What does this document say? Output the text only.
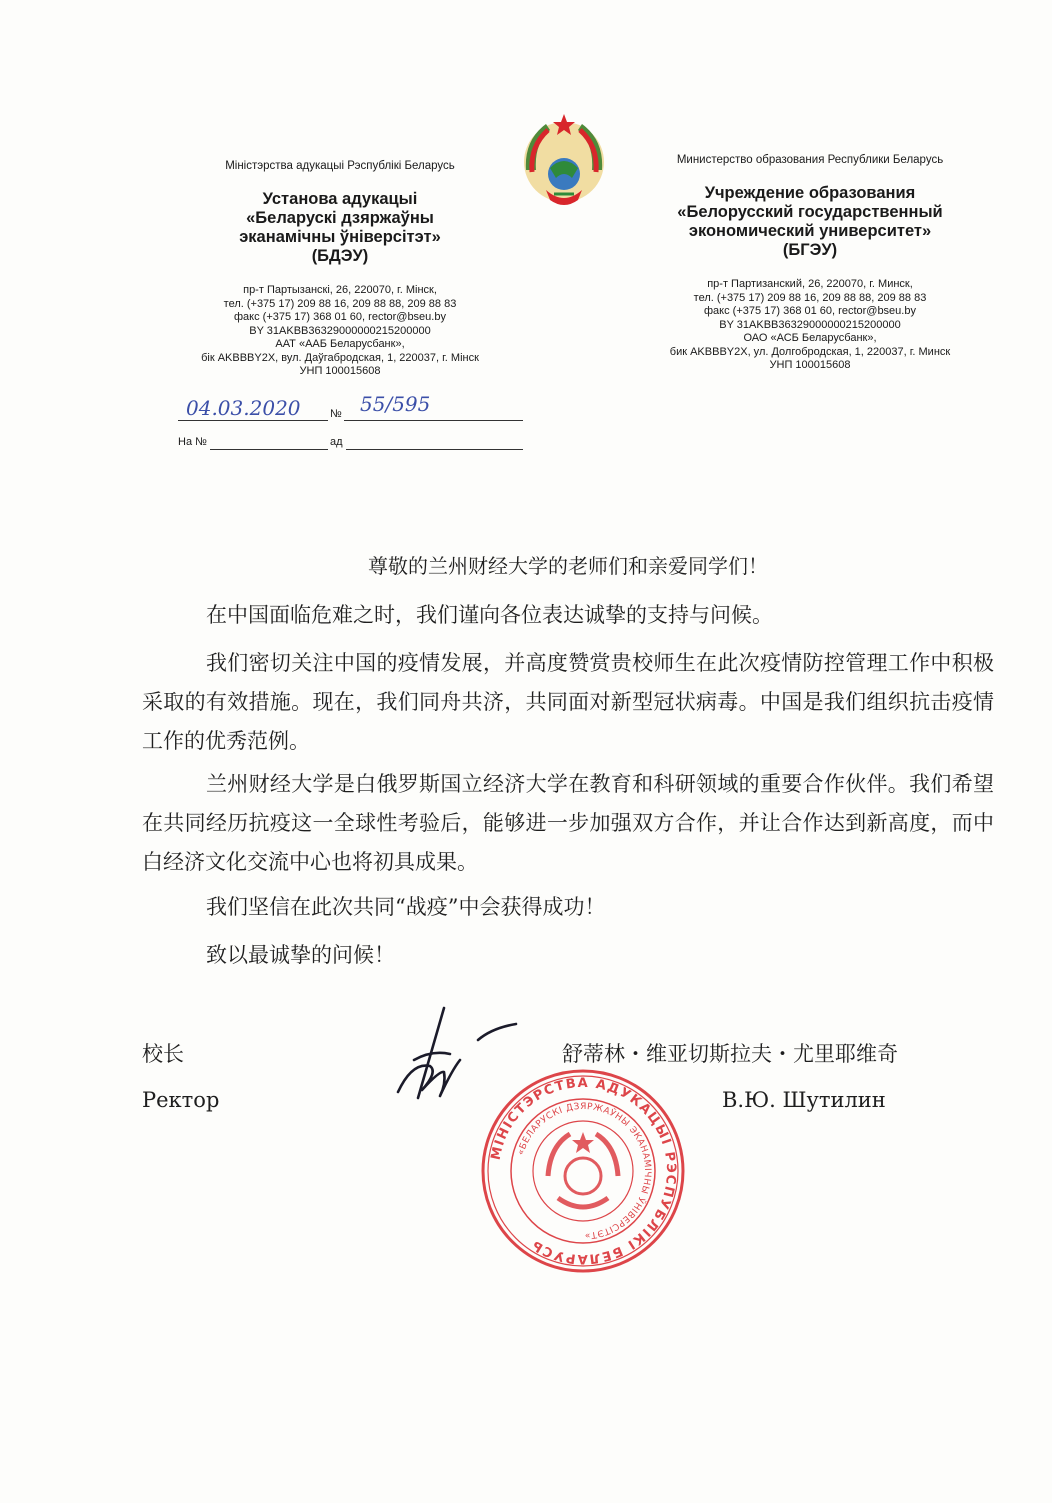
Міністэрства адукацыі Рэспублікі Беларусь
Установа адукацыі
«Беларускі дзяржаўны
эканамічны ўніверсітэт»
(БДЭУ)
пр-т Партызанскі, 26, 220070, г. Мінск,
тел. (+375 17) 209 88 16, 209 88 88, 209 88 83
факс (+375 17) 368 01 60, rector@bseu.by
BY 31AKBB36329000000215200000
ААТ «ААБ Беларусбанк»,
бік AKBBBY2X, вул. Даўгабродская, 1, 220037, г. Мінск
УНП 100015608
Министерство образования Республики Беларусь
Учреждение образования
«Белорусский государственный
экономический университет»
(БГЭУ)
пр-т Партизанский, 26, 220070, г. Минск,
тел. (+375 17) 209 88 16, 209 88 88, 209 88 83
факс (+375 17) 368 01 60, rector@bseu.by
BY 31AKBB36329000000215200000
ОАО «АСБ Беларусбанк»,
бик AKBBBY2X, ул. Долгобродская, 1, 220037, г. Минск
УНП 100015608
04.03.2020	№ 55/595
На №	ад
尊敬的兰州财经大学的老师们和亲爱同学们！
在中国面临危难之时，我们谨向各位表达诚挚的支持与问候。
我们密切关注中国的疫情发展，并高度赞赏贵校师生在此次疫情防控管理工作中积极采取的有效措施。现在，我们同舟共济，共同面对新型冠状病毒。中国是我们组织抗击疫情工作的优秀范例。
兰州财经大学是白俄罗斯国立经济大学在教育和科研领域的重要合作伙伴。我们希望在共同经历抗疫这一全球性考验后，能够进一步加强双方合作，并让合作达到新高度，而中白经济文化交流中心也将初具成果。
我们坚信在此次共同“战疫”中会获得成功！
致以最诚挚的问候！
校长
Ректор
舒蒂林・维亚切斯拉夫・尤里耶维奇
В.Ю. Шутилин
МІНІСТЭРСТВА АДУКАЦЫІ РЭСПУБЛІКІ БЕЛАРУСЬ
«БЕЛАРУСКІ ДЗЯРЖАЎНЫ ЭКАНАМІЧНЫ ЎНІВЕРСІТЭТ»
